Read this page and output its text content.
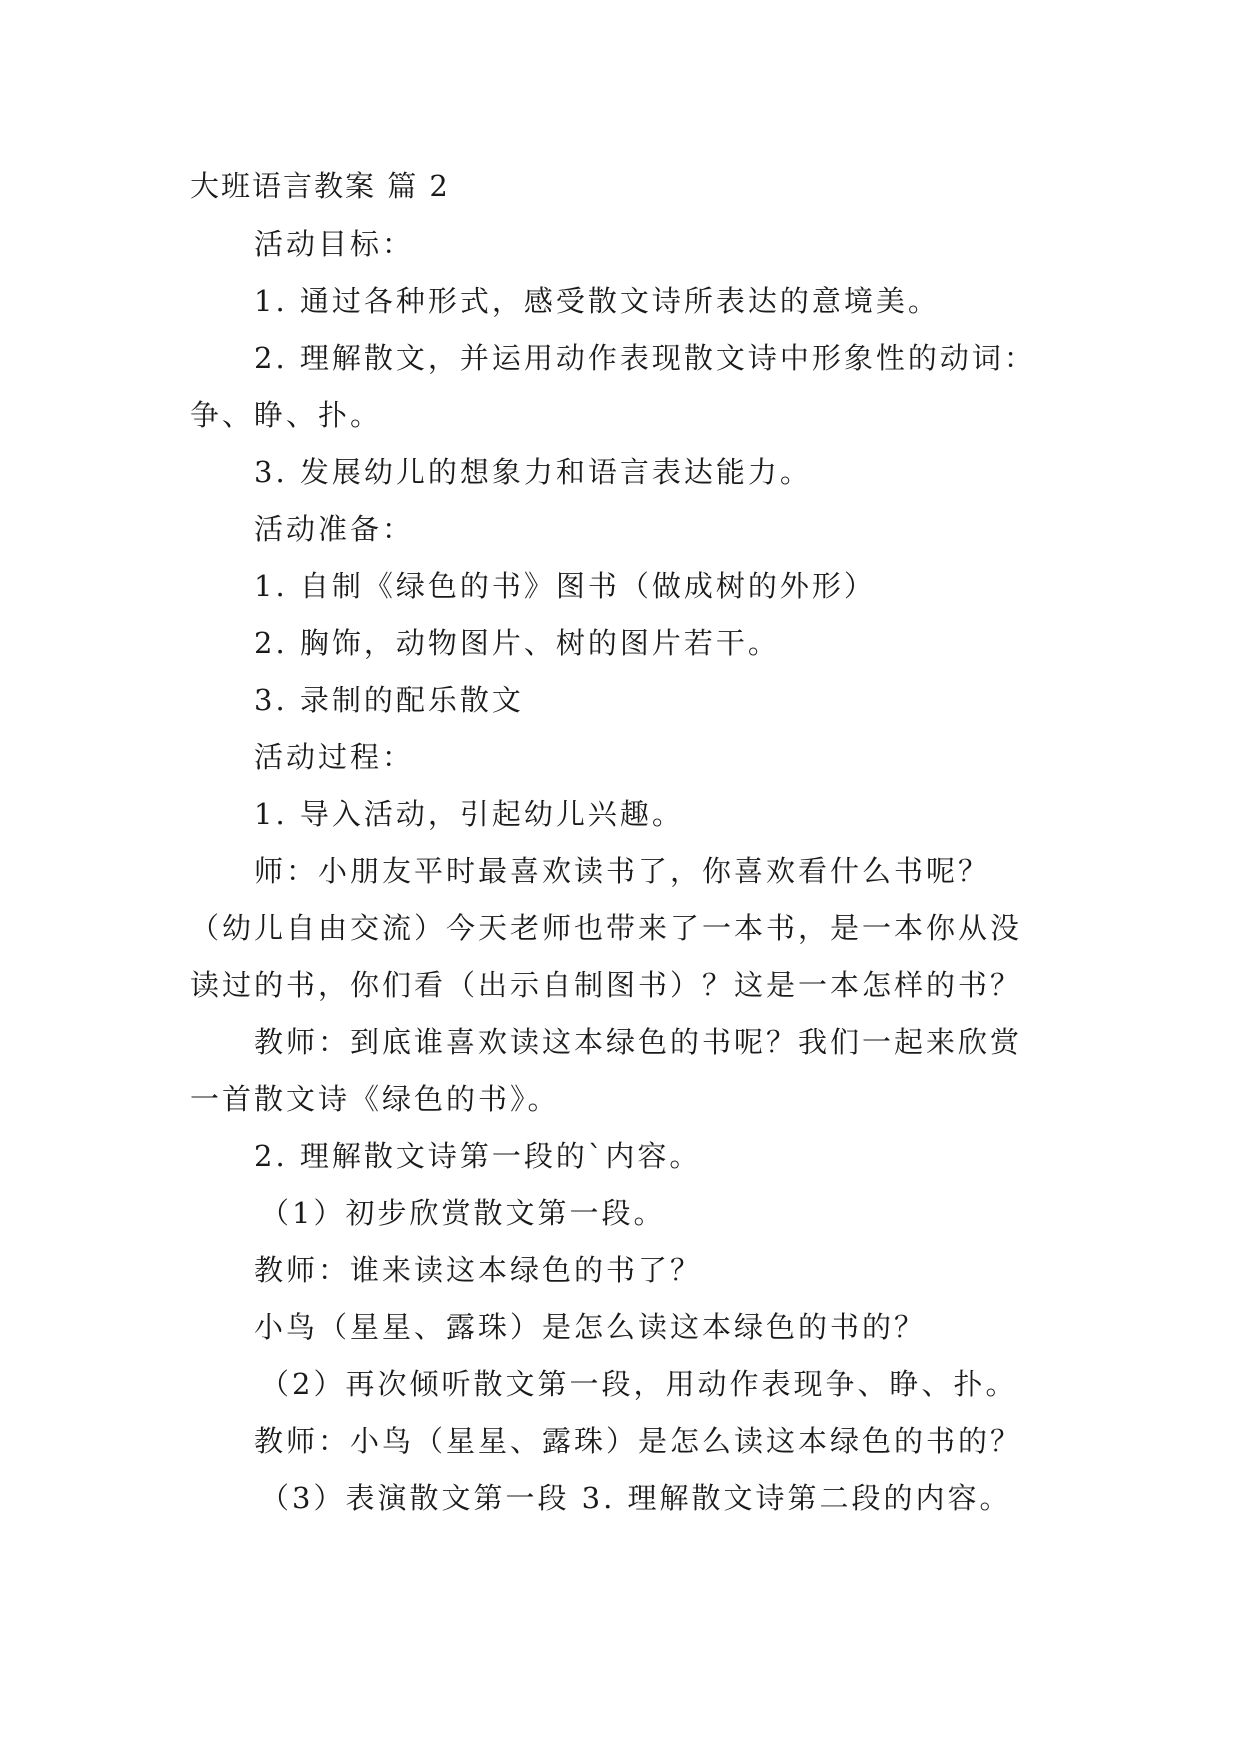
大班语言教案 篇 2
活动目标：
1. 通过各种形式，感受散文诗所表达的意境美。
2. 理解散文，并运用动作表现散文诗中形象性的动词：
争、睁、扑。
3. 发展幼儿的想象力和语言表达能力。
活动准备：
1. 自制《绿色的书》图书（做成树的外形）
2. 胸饰，动物图片、树的图片若干。
3. 录制的配乐散文
活动过程：
1. 导入活动，引起幼儿兴趣。
师：小朋友平时最喜欢读书了，你喜欢看什么书呢？
（幼儿自由交流）今天老师也带来了一本书，是一本你从没
读过的书，你们看（出示自制图书）？这是一本怎样的书？
教师：到底谁喜欢读这本绿色的书呢？我们一起来欣赏
一首散文诗《绿色的书》。
2. 理解散文诗第一段的`内容。
（1）初步欣赏散文第一段。
教师：谁来读这本绿色的书了？
小鸟（星星、露珠）是怎么读这本绿色的书的？
（2）再次倾听散文第一段，用动作表现争、睁、扑。
教师：小鸟（星星、露珠）是怎么读这本绿色的书的？
（3）表演散文第一段 3. 理解散文诗第二段的内容。
